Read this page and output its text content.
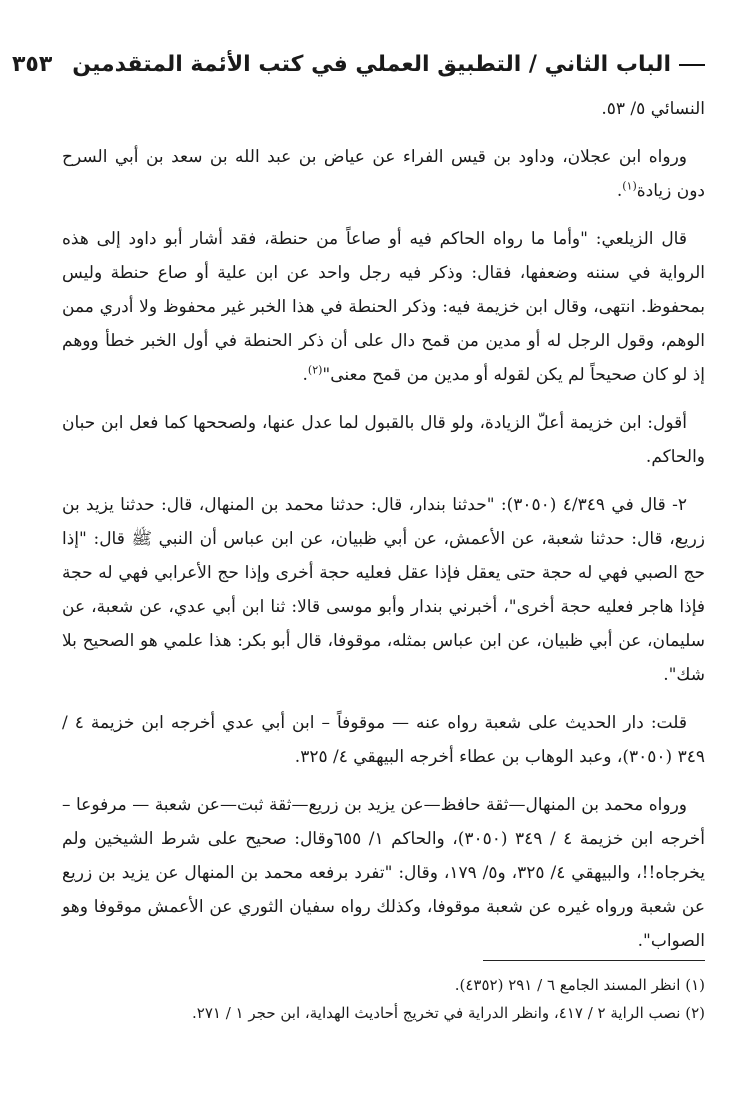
الباب الثاني / التطبيق العملي في كتب الأئمة المتقدمين
٣٥٣

النسائي ٥/ ٥٣.

ورواه ابن عجلان، وداود بن قيس الفراء عن عياض بن عبد الله بن سعد بن أبي السرح دون زيادة$^{(١)}$.

قال الزيلعي: "وأما ما رواه الحاكم فيه أو صاعاً من حنطة، فقد أشار أبو داود إلى هذه الرواية في سننه وضعفها، فقال: وذكر فيه رجل واحد عن ابن علية أو صاع حنطة وليس بمحفوظ. انتهى، وقال ابن خزيمة فيه: وذكر الحنطة في هذا الخبر غير محفوظ ولا أدري ممن الوهم، وقول الرجل له أو مدين من قمح دال على أن ذكر الحنطة في أول الخبر خطأ ووهم إذ لو كان صحيحاً لم يكن لقوله أو مدين من قمح معنى"$^{(٢)}$.

أقول: ابن خزيمة أعلّ الزيادة، ولو قال بالقبول لما عدل عنها، ولصححها كما فعل ابن حبان والحاكم.

٢- قال في ٤/٣٤٩ (٣٠٥٠): "حدثنا بندار، قال: حدثنا محمد بن المنهال، قال: حدثنا يزيد بن زريع، قال: حدثنا شعبة، عن الأعمش، عن أبي ظبيان، عن ابن عباس أن النبي ﷺ قال: "إذا حج الصبي فهي له حجة حتى يعقل فإذا عقل فعليه حجة أخرى وإذا حج الأعرابي فهي له حجة فإذا هاجر فعليه حجة أخرى"، أخبرني بندار وأبو موسى قالا: ثنا ابن أبي عدي، عن شعبة، عن سليمان، عن أبي ظبيان، عن ابن عباس بمثله، موقوفا، قال أبو بكر: هذا علمي هو الصحيح بلا شك".

قلت: دار الحديث على شعبة رواه عنه — موقوفاً – ابن أبي عدي أخرجه ابن خزيمة ٤ / ٣٤٩ (٣٠٥٠)، وعبد الوهاب بن عطاء أخرجه البيهقي ٤/ ٣٢٥.

ورواه محمد بن المنهال—ثقة حافظ—عن يزيد بن زريع—ثقة ثبت—عن شعبة — مرفوعا – أخرجه ابن خزيمة ٤ / ٣٤٩ (٣٠٥٠)، والحاكم ١/ ٦٥٥وقال: صحيح على شرط الشيخين ولم يخرجاه!!، والبيهقي ٤/ ٣٢٥، و٥/ ١٧٩، وقال: "تفرد برفعه محمد بن المنهال عن يزيد بن زريع عن شعبة ورواه غيره عن شعبة موقوفا، وكذلك رواه سفيان الثوري عن الأعمش موقوفا وهو الصواب".

(١) انظر المسند الجامع ٦ / ٢٩١ (٤٣٥٢).
(٢) نصب الراية ٢ / ٤١٧، وانظر الدراية في تخريج أحاديث الهداية، ابن حجر ١ / ٢٧١.
